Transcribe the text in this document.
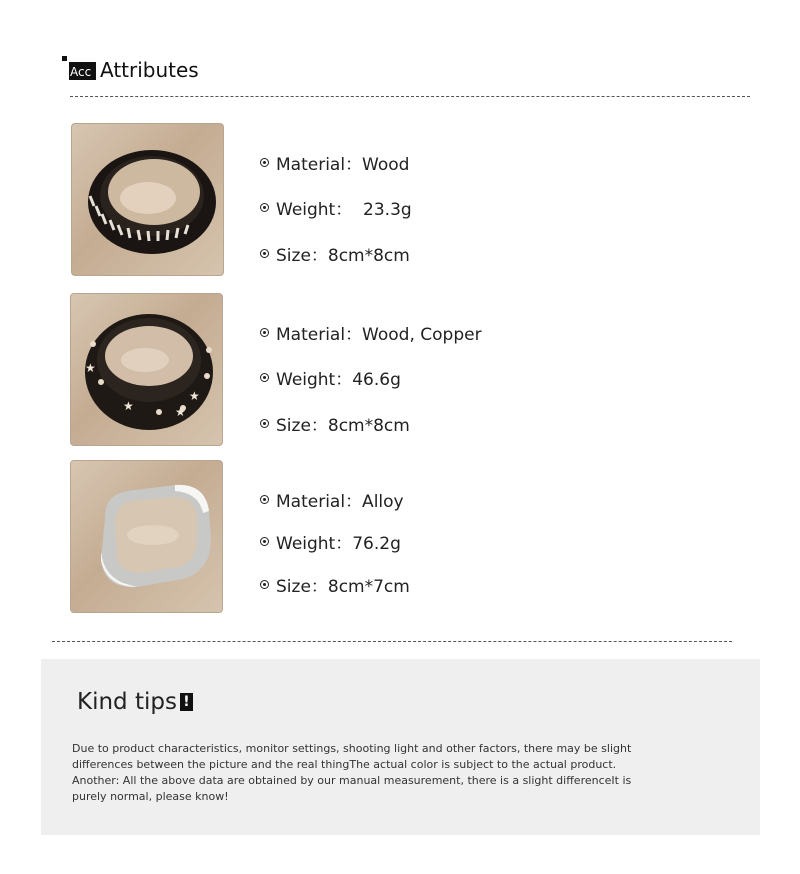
Acc Attributes
Material：Wood
Weight：  23.3g
Size：8cm*8cm
★
★	★
★
Material：Wood, Copper
Weight：46.6g
Size：8cm*8cm
Material：Alloy
Weight：76.2g
Size：8cm*7cm
Kind tips !
Due to product characteristics, monitor settings, shooting light and other factors, there may be slight
differences between the picture and the real thingThe actual color is subject to the actual product.
Another: All the above data are obtained by our manual measurement, there is a slight differenceIt is
purely normal, please know!
